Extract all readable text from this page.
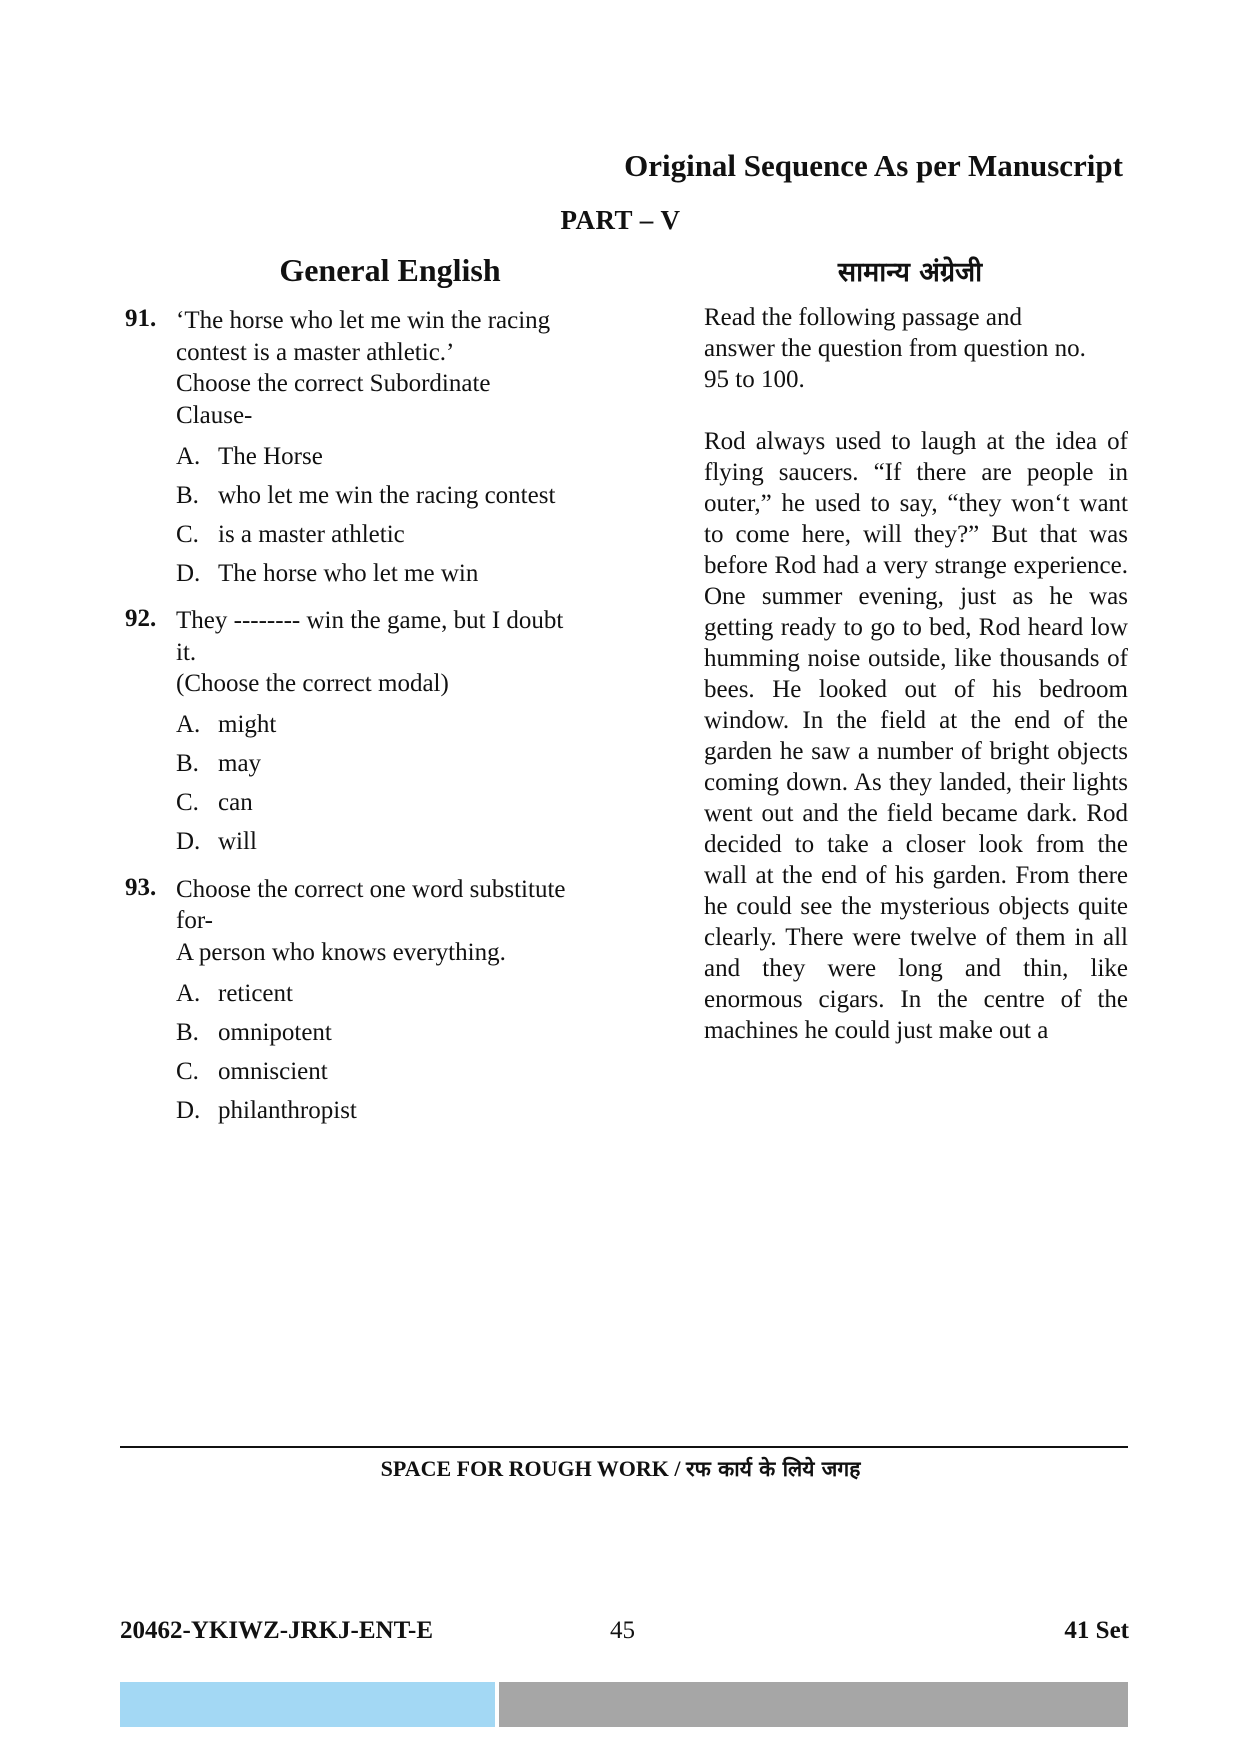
Original Sequence As per Manuscript
PART – V
General English	सामान्य अंग्रेजी
91. ‘The horse who let me win the racing
contest is a master athletic.’
Choose the correct Subordinate
Clause-
A. The Horse
B. who let me win the racing contest
C. is a master athletic
D. The horse who let me win
92. They -------- win the game, but I doubt
it.
(Choose the correct modal)
A. might
B. may
C. can
D. will
93. Choose the correct one word substitute
for-
A person who knows everything.
A. reticent
B. omnipotent
C. omniscient
D. philanthropist

Read the following passage and
answer the question from question no.
95 to 100.

Rod always used to laugh at the idea of flying saucers. “If there are people in outer,” he used to say, “they won‘t want to come here, will they?” But that was before Rod had a very strange experience. One summer evening, just as he was getting ready to go to bed, Rod heard low humming noise outside, like thousands of bees. He looked out of his bedroom window. In the field at the end of the garden he saw a number of bright objects coming down. As they landed, their lights went out and the field became dark. Rod decided to take a closer look from the wall at the end of his garden. From there he could see the mysterious objects quite clearly. There were twelve of them in all and they were long and thin, like enormous cigars. In the centre of the machines he could just make out a

SPACE FOR ROUGH WORK / रफ कार्य के लिये जगह
20462-YKIWZ-JRKJ-ENT-E	45	41 Set
